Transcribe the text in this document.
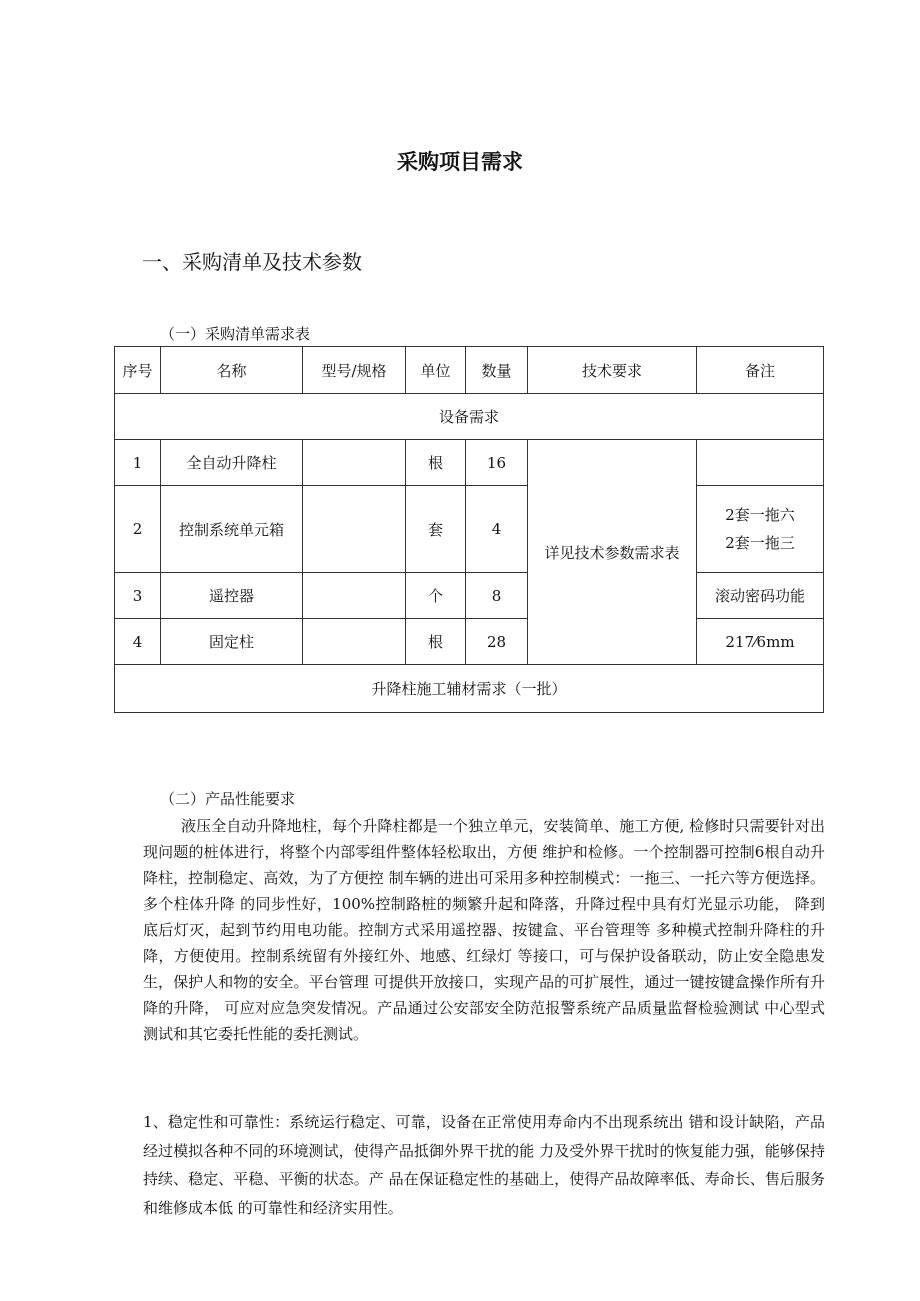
采购项目需求
一、采购清单及技术参数
（一）采购清单需求表
序号	名称	型号/规格	单位	数量	技术要求	备注
设备需求						
1	全自动升降柱		根	16	详见技术参数需求表	
2	控制系统单元箱		套	4		2套一拖六
2套一拖三

3	遥控器		个	8		滚动密码功能
4	固定柱		根	28		217⁄6mm
升降柱施工辅材需求（一批）						
（二）产品性能要求

液压全自动升降地柱，每个升降柱都是一个独立单元，安装简单、施工方便, 检修时只需要针对出现问题的桩体进行，将整个内部零组件整体轻松取出，方便 维护和检修。一个控制器可控制6根自动升降柱，控制稳定、高效，为了方便控 制车辆的进出可采用多种控制模式：一拖三、一托六等方便选择。多个柱体升降 的同步性好，100%控制路桩的频繁升起和降落，升降过程中具有灯光显示功能， 降到底后灯灭，起到节约用电功能。控制方式采用遥控器、按键盒、平台管理等 多种模式控制升降柱的升降，方便使用。控制系统留有外接红外、地感、红绿灯 等接口，可与保护设备联动，防止安全隐患发生，保护人和物的安全。平台管理 可提供开放接口，实现产品的可扩展性，通过一键按键盒操作所有升降的升降， 可应对应急突发情况。产品通过公安部安全防范报警系统产品质量监督检验测试 中心型式测试和其它委托性能的委托测试。

1、稳定性和可靠性：系统运行稳定、可靠，设备在正常使用寿命内不出现系统出 错和设计缺陷，产品经过模拟各种不同的环境测试，使得产品抵御外界干扰的能 力及受外界干扰时的恢复能力强，能够保持持续、稳定、平稳、平衡的状态。产 品在保证稳定性的基础上，使得产品故障率低、寿命长、售后服务和维修成本低 的可靠性和经济实用性。
